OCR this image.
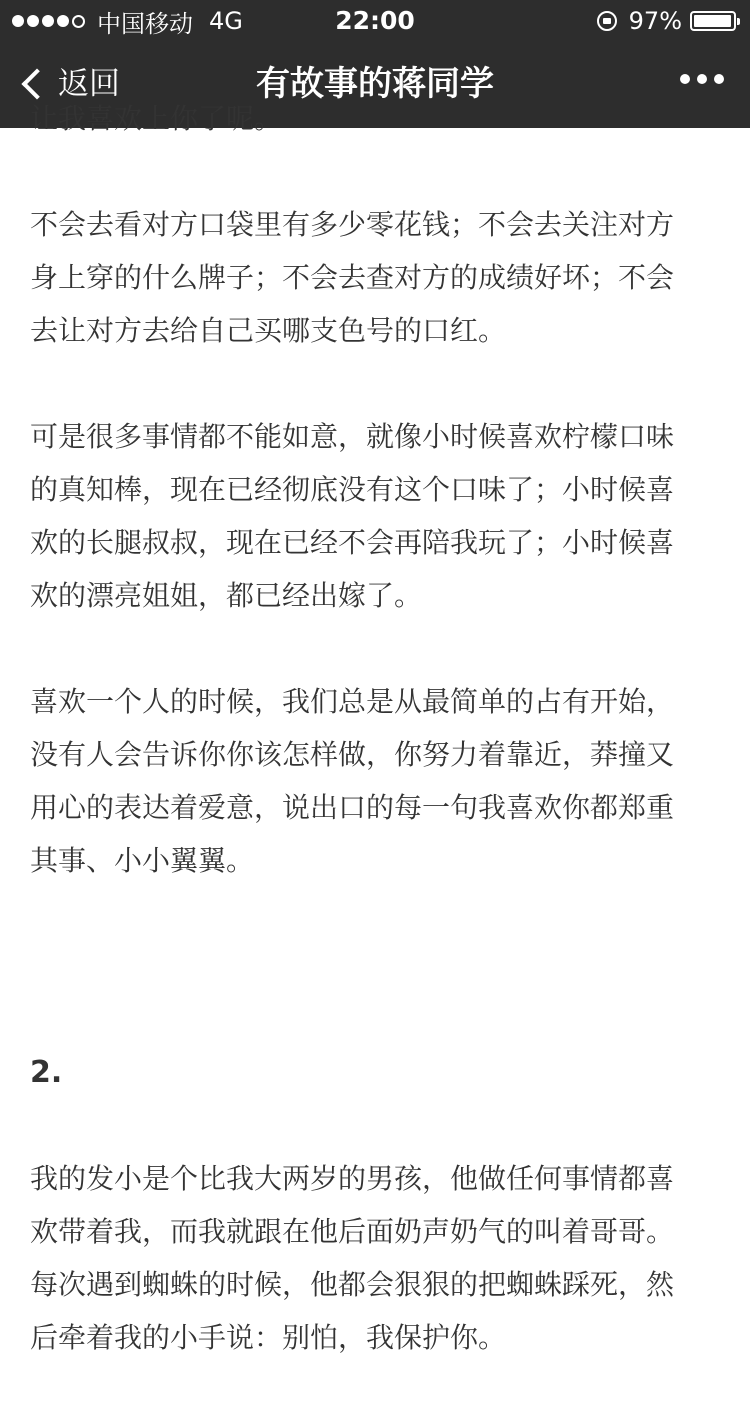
中国移动 4G	22:00	97%
返回	有故事的蒋同学
让我喜欢上你了呢。
不会去看对方口袋里有多少零花钱；不会去关注对方
身上穿的什么牌子；不会去查对方的成绩好坏；不会
去让对方去给自己买哪支色号的口红。
可是很多事情都不能如意，就像小时候喜欢柠檬口味
的真知棒，现在已经彻底没有这个口味了；小时候喜
欢的长腿叔叔，现在已经不会再陪我玩了；小时候喜
欢的漂亮姐姐，都已经出嫁了。
喜欢一个人的时候，我们总是从最简单的占有开始，
没有人会告诉你你该怎样做，你努力着靠近，莽撞又
用心的表达着爱意，说出口的每一句我喜欢你都郑重
其事、小小翼翼。
2.
我的发小是个比我大两岁的男孩，他做任何事情都喜
欢带着我，而我就跟在他后面奶声奶气的叫着哥哥。
每次遇到蜘蛛的时候，他都会狠狠的把蜘蛛踩死，然
后牵着我的小手说：别怕，我保护你。
